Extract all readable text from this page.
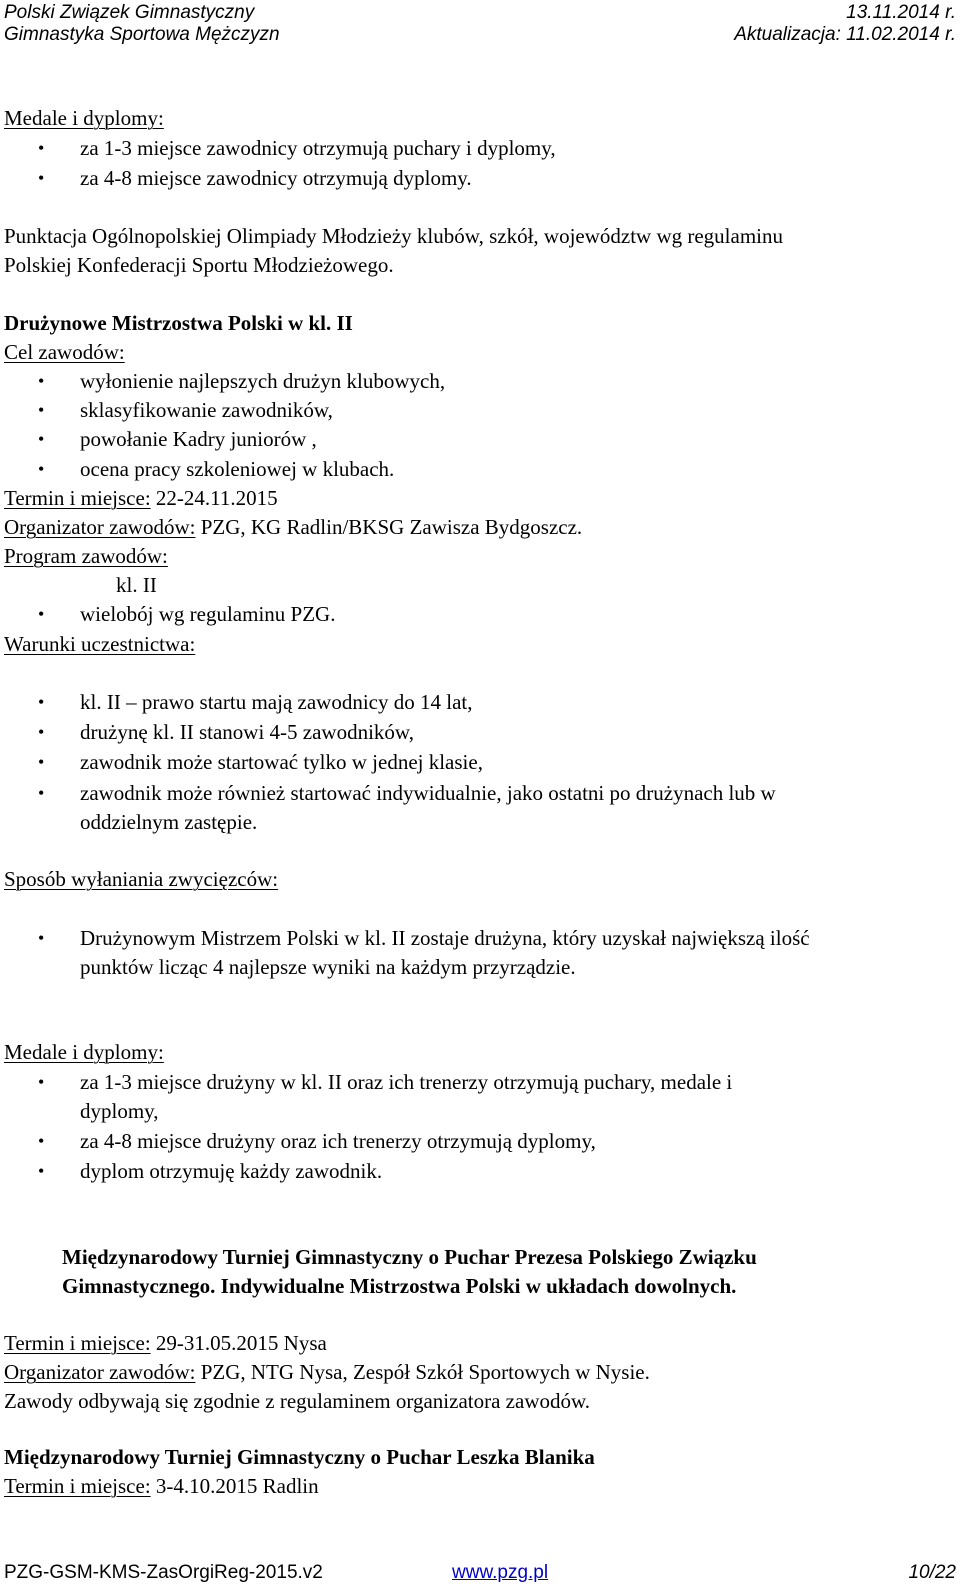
Polski Związek Gimnastyczny	13.11.2014 r.
Gimnastyka Sportowa Mężczyzn	Aktualizacja: 11.02.2014 r.
Medale i dyplomy:
• za 1-3 miejsce zawodnicy otrzymują puchary i dyplomy,
• za 4-8 miejsce zawodnicy otrzymują dyplomy.
Punktacja Ogólnopolskiej Olimpiady Młodzieży klubów, szkół, województw wg regulaminu
Polskiej Konfederacji Sportu Młodzieżowego.
Drużynowe Mistrzostwa Polski w kl. II
Cel zawodów:
• wyłonienie najlepszych drużyn klubowych,
• sklasyfikowanie zawodników,
• powołanie Kadry juniorów ,
• ocena pracy szkoleniowej w klubach.
Termin i miejsce: 22-24.11.2015
Organizator zawodów: PZG, KG Radlin/BKSG Zawisza Bydgoszcz.
Program zawodów:
kl. II
• wielobój wg regulaminu PZG.
Warunki uczestnictwa:
• kl. II – prawo startu mają zawodnicy do 14 lat,
• drużynę kl. II stanowi 4-5 zawodników,
• zawodnik może startować tylko w jednej klasie,
• zawodnik może również startować indywidualnie, jako ostatni po drużynach lub w
oddzielnym zastępie.
Sposób wyłaniania zwycięzców:
• Drużynowym Mistrzem Polski w kl. II zostaje drużyna, który uzyskał największą ilość
punktów licząc 4 najlepsze wyniki na każdym przyrządzie.
Medale i dyplomy:
• za 1-3 miejsce drużyny w kl. II oraz ich trenerzy otrzymują puchary, medale i
dyplomy,
• za 4-8 miejsce drużyny oraz ich trenerzy otrzymują dyplomy,
• dyplom otrzymuję każdy zawodnik.
Międzynarodowy Turniej Gimnastyczny o Puchar Prezesa Polskiego Związku
Gimnastycznego. Indywidualne Mistrzostwa Polski w układach dowolnych.
Termin i miejsce: 29-31.05.2015 Nysa
Organizator zawodów: PZG, NTG Nysa, Zespół Szkół Sportowych w Nysie.
Zawody odbywają się zgodnie z regulaminem organizatora zawodów.
Międzynarodowy Turniej Gimnastyczny o Puchar Leszka Blanika
Termin i miejsce: 3-4.10.2015 Radlin
PZG-GSM-KMS-ZasOrgiReg-2015.v2	www.pzg.pl	10/22
